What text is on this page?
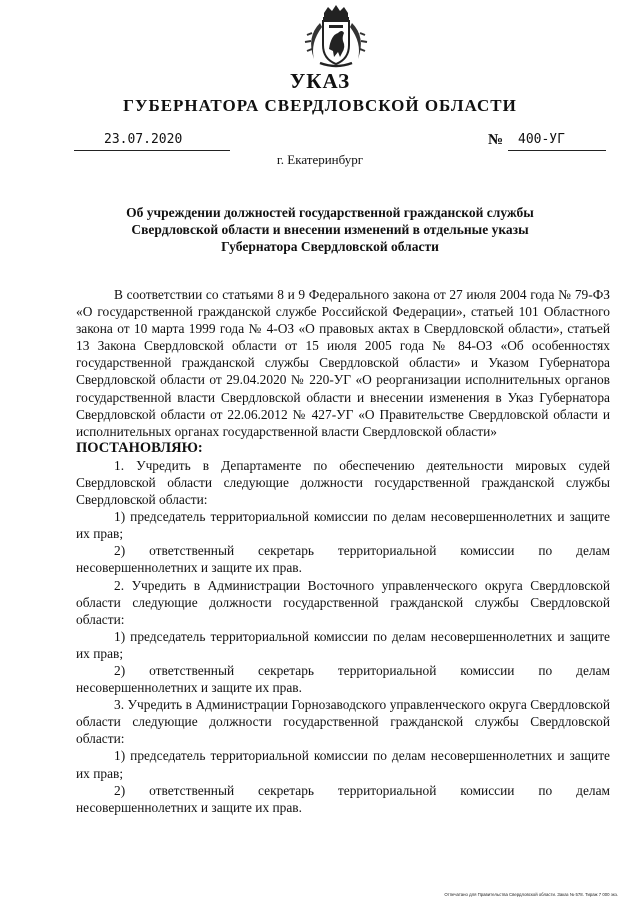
УКАЗ
ГУБЕРНАТОРА СВЕРДЛОВСКОЙ ОБЛАСТИ
23.07.2020	№ 400-УГ
г. Екатеринбург
Об учреждении должностей государственной гражданской службы Свердловской области и внесении изменений в отдельные указы Губернатора Свердловской области

В соответствии со статьями 8 и 9 Федерального закона от 27 июля 2004 года № 79-ФЗ «О государственной гражданской службе Российской Федерации», статьей 101 Областного закона от 10 марта 1999 года № 4-ОЗ «О правовых актах в Свердловской области», статьей 13 Закона Свердловской области от 15 июля 2005 года № 84-ОЗ «Об особенностях государственной гражданской службы Свердловской области» и Указом Губернатора Свердловской области от 29.04.2020 № 220-УГ «О реорганизации исполнительных органов государственной власти Свердловской области и внесении изменения в Указ Губернатора Свердловской области от 22.06.2012 № 427-УГ «О Правительстве Свердловской области и исполнительных органах государственной власти Свердловской области»

ПОСТАНОВЛЯЮ:

1. Учредить в Департаменте по обеспечению деятельности мировых судей Свердловской области следующие должности государственной гражданской службы Свердловской области:

1) председатель территориальной комиссии по делам несовершеннолетних и защите их прав;

2) ответственный секретарь территориальной комиссии по делам несовершеннолетних и защите их прав.

2. Учредить в Администрации Восточного управленческого округа Свердловской области следующие должности государственной гражданской службы Свердловской области:

1) председатель территориальной комиссии по делам несовершеннолетних и защите их прав;

2) ответственный секретарь территориальной комиссии по делам несовершеннолетних и защите их прав.

3. Учредить в Администрации Горнозаводского управленческого округа Свердловской области следующие должности государственной гражданской службы Свердловской области:

1) председатель территориальной комиссии по делам несовершеннолетних и защите их прав;

2) ответственный секретарь территориальной комиссии по делам несовершеннолетних и защите их прав.

Отпечатано для Правительства Свердловской области. Заказ № 578. Тираж 7 000 экз.
